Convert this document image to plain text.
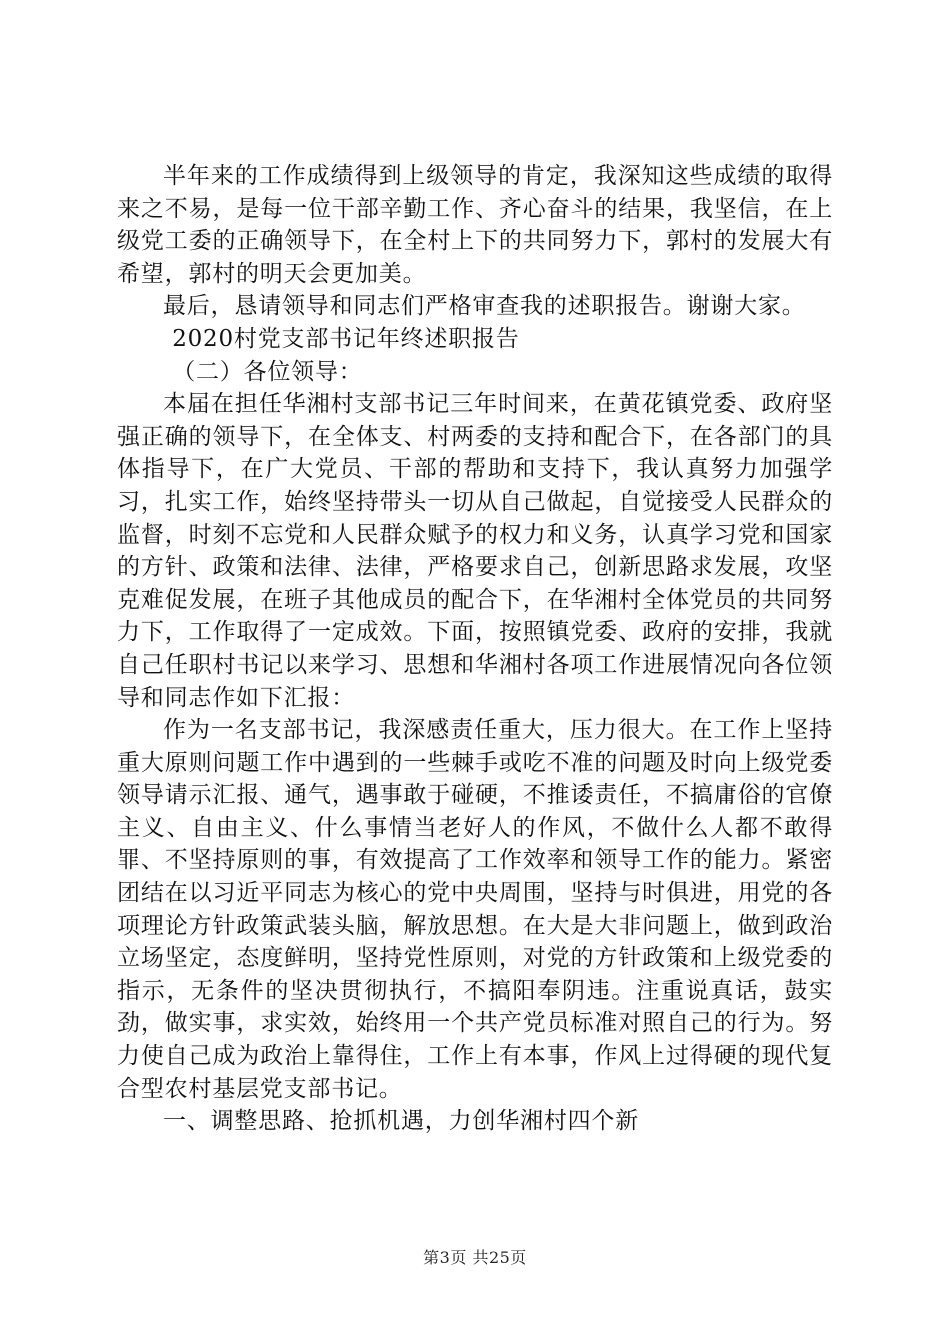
半年来的工作成绩得到上级领导的肯定，我深知这些成绩的取得来之不易，是每一位干部辛勤工作、齐心奋斗的结果，我坚信，在上级党工委的正确领导下，在全村上下的共同努力下，郭村的发展大有希望，郭村的明天会更加美。

最后，恳请领导和同志们严格审查我的述职报告。谢谢大家。

2020村党支部书记年终述职报告

（二）各位领导：

本届在担任华湘村支部书记三年时间来，在黄花镇党委、政府坚强正确的领导下，在全体支、村两委的支持和配合下，在各部门的具体指导下，在广大党员、干部的帮助和支持下，我认真努力加强学习，扎实工作，始终坚持带头一切从自己做起，自觉接受人民群众的监督，时刻不忘党和人民群众赋予的权力和义务，认真学习党和国家的方针、政策和法律、法律，严格要求自己，创新思路求发展，攻坚克难促发展，在班子其他成员的配合下，在华湘村全体党员的共同努力下，工作取得了一定成效。下面，按照镇党委、政府的安排，我就自己任职村书记以来学习、思想和华湘村各项工作进展情况向各位领导和同志作如下汇报：

作为一名支部书记，我深感责任重大，压力很大。在工作上坚持重大原则问题工作中遇到的一些棘手或吃不准的问题及时向上级党委领导请示汇报、通气，遇事敢于碰硬，不推诿责任，不搞庸俗的官僚主义、自由主义、什么事情当老好人的作风，不做什么人都不敢得罪、不坚持原则的事，有效提高了工作效率和领导工作的能力。紧密团结在以习近平同志为核心的党中央周围，坚持与时俱进，用党的各项理论方针政策武装头脑，解放思想。在大是大非问题上，做到政治立场坚定，态度鲜明，坚持党性原则，对党的方针政策和上级党委的指示，无条件的坚决贯彻执行，不搞阳奉阴违。注重说真话，鼓实劲，做实事，求实效，始终用一个共产党员标准对照自己的行为。努力使自己成为政治上靠得住，工作上有本事，作风上过得硬的现代复合型农村基层党支部书记。

一、调整思路、抢抓机遇，力创华湘村四个新

第3页 共25页
